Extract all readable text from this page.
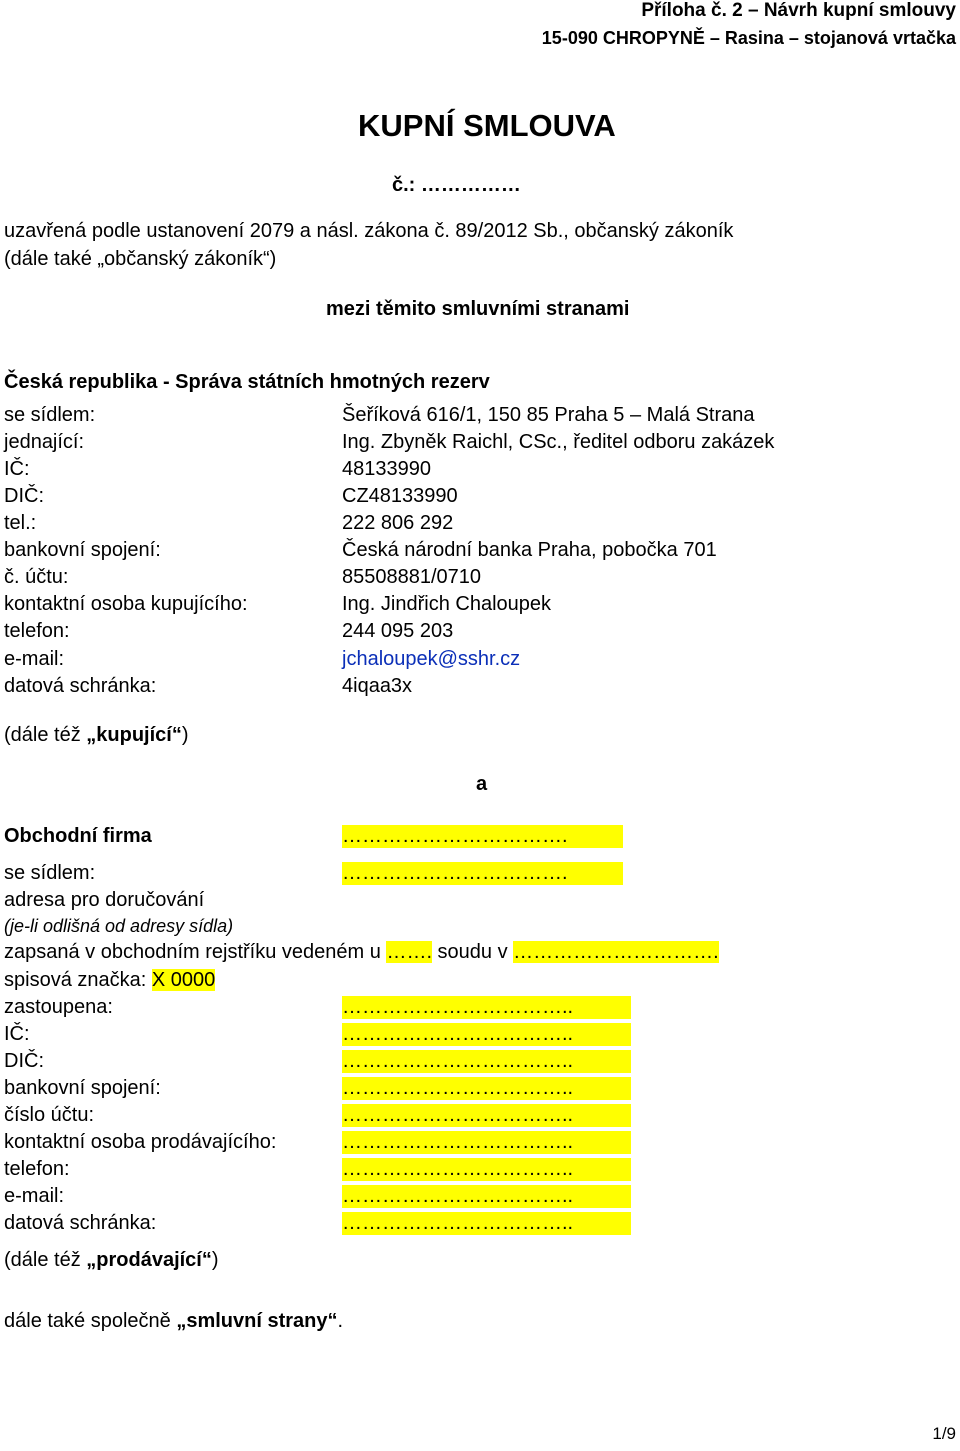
Příloha č. 2 – Návrh kupní smlouvy
15-090 CHROPYNĚ – Rasina – stojanová vrtačka
KUPNÍ SMLOUVA
č.: ……………
uzavřená podle ustanovení 2079 a násl. zákona č. 89/2012 Sb., občanský zákoník
(dále také „občanský zákoník“)
mezi těmito smluvními stranami
Česká republika - Správa státních hmotných rezerv
se sídlem:	Šeříková 616/1, 150 85 Praha 5 – Malá Strana
jednající:	Ing. Zbyněk Raichl, CSc., ředitel odboru zakázek
IČ:	48133990
DIČ:	CZ48133990
tel.:	222 806 292
bankovní spojení:	Česká národní banka Praha, pobočka 701
č. účtu:	85508881/0710
kontaktní osoba kupujícího:	Ing. Jindřich Chaloupek
telefon:	244 095 203
e-mail:	jchaloupek@sshr.cz
datová schránka:	4iqaa3x
(dále též „kupující“)
a
Obchodní firma	…………………………….
se sídlem:	…………………………….
adresa pro doručování
(je-li odlišná od adresy sídla)
zapsaná v obchodním rejstříku vedeném u ……. soudu v ………………………….
spisová značka: X 0000
zastoupena:	……………………………..
IČ:	……………………………..
DIČ:	……………………………..
bankovní spojení:	……………………………..
číslo účtu:	……………………………..
kontaktní osoba prodávajícího:	……………………………..
telefon:	……………………………..
e-mail:	……………………………..
datová schránka:	……………………………..
(dále též „prodávající“)
dále také společně „smluvní strany“.
1/9
